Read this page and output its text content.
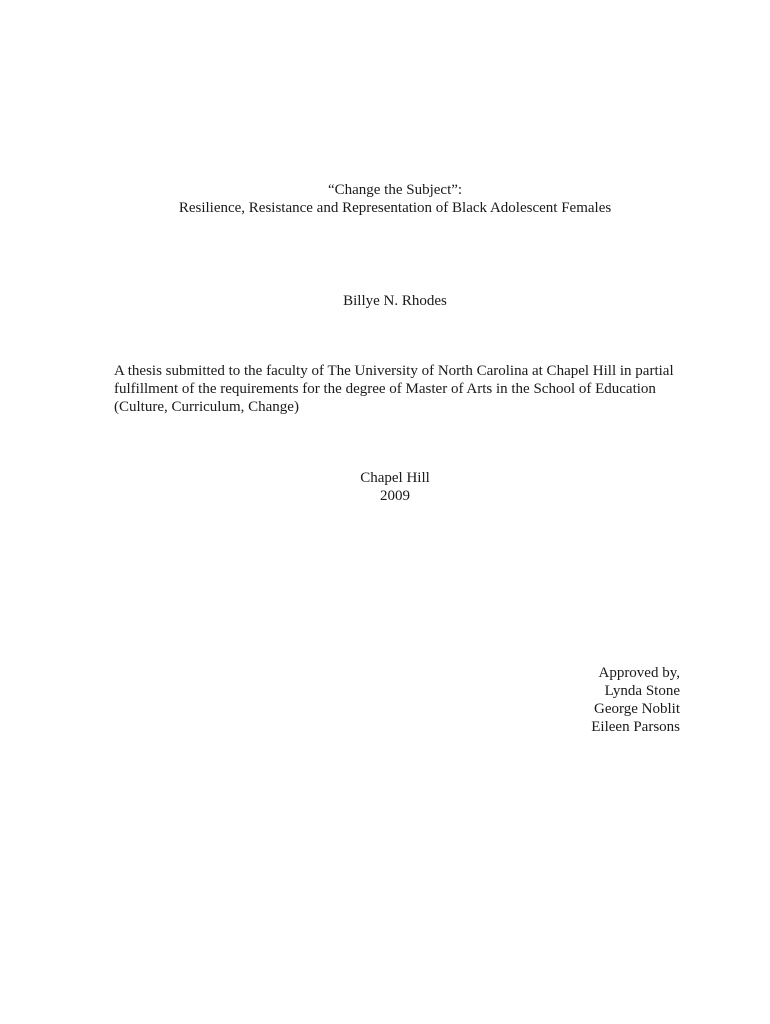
“Change the Subject”:
Resilience, Resistance and Representation of Black Adolescent Females
Billye N. Rhodes
A thesis submitted to the faculty of The University of North Carolina at Chapel Hill in partial
fulfillment of the requirements for the degree of Master of Arts in the School of Education
(Culture, Curriculum, Change)
Chapel Hill
2009
Approved by,
Lynda Stone
George Noblit
Eileen Parsons
